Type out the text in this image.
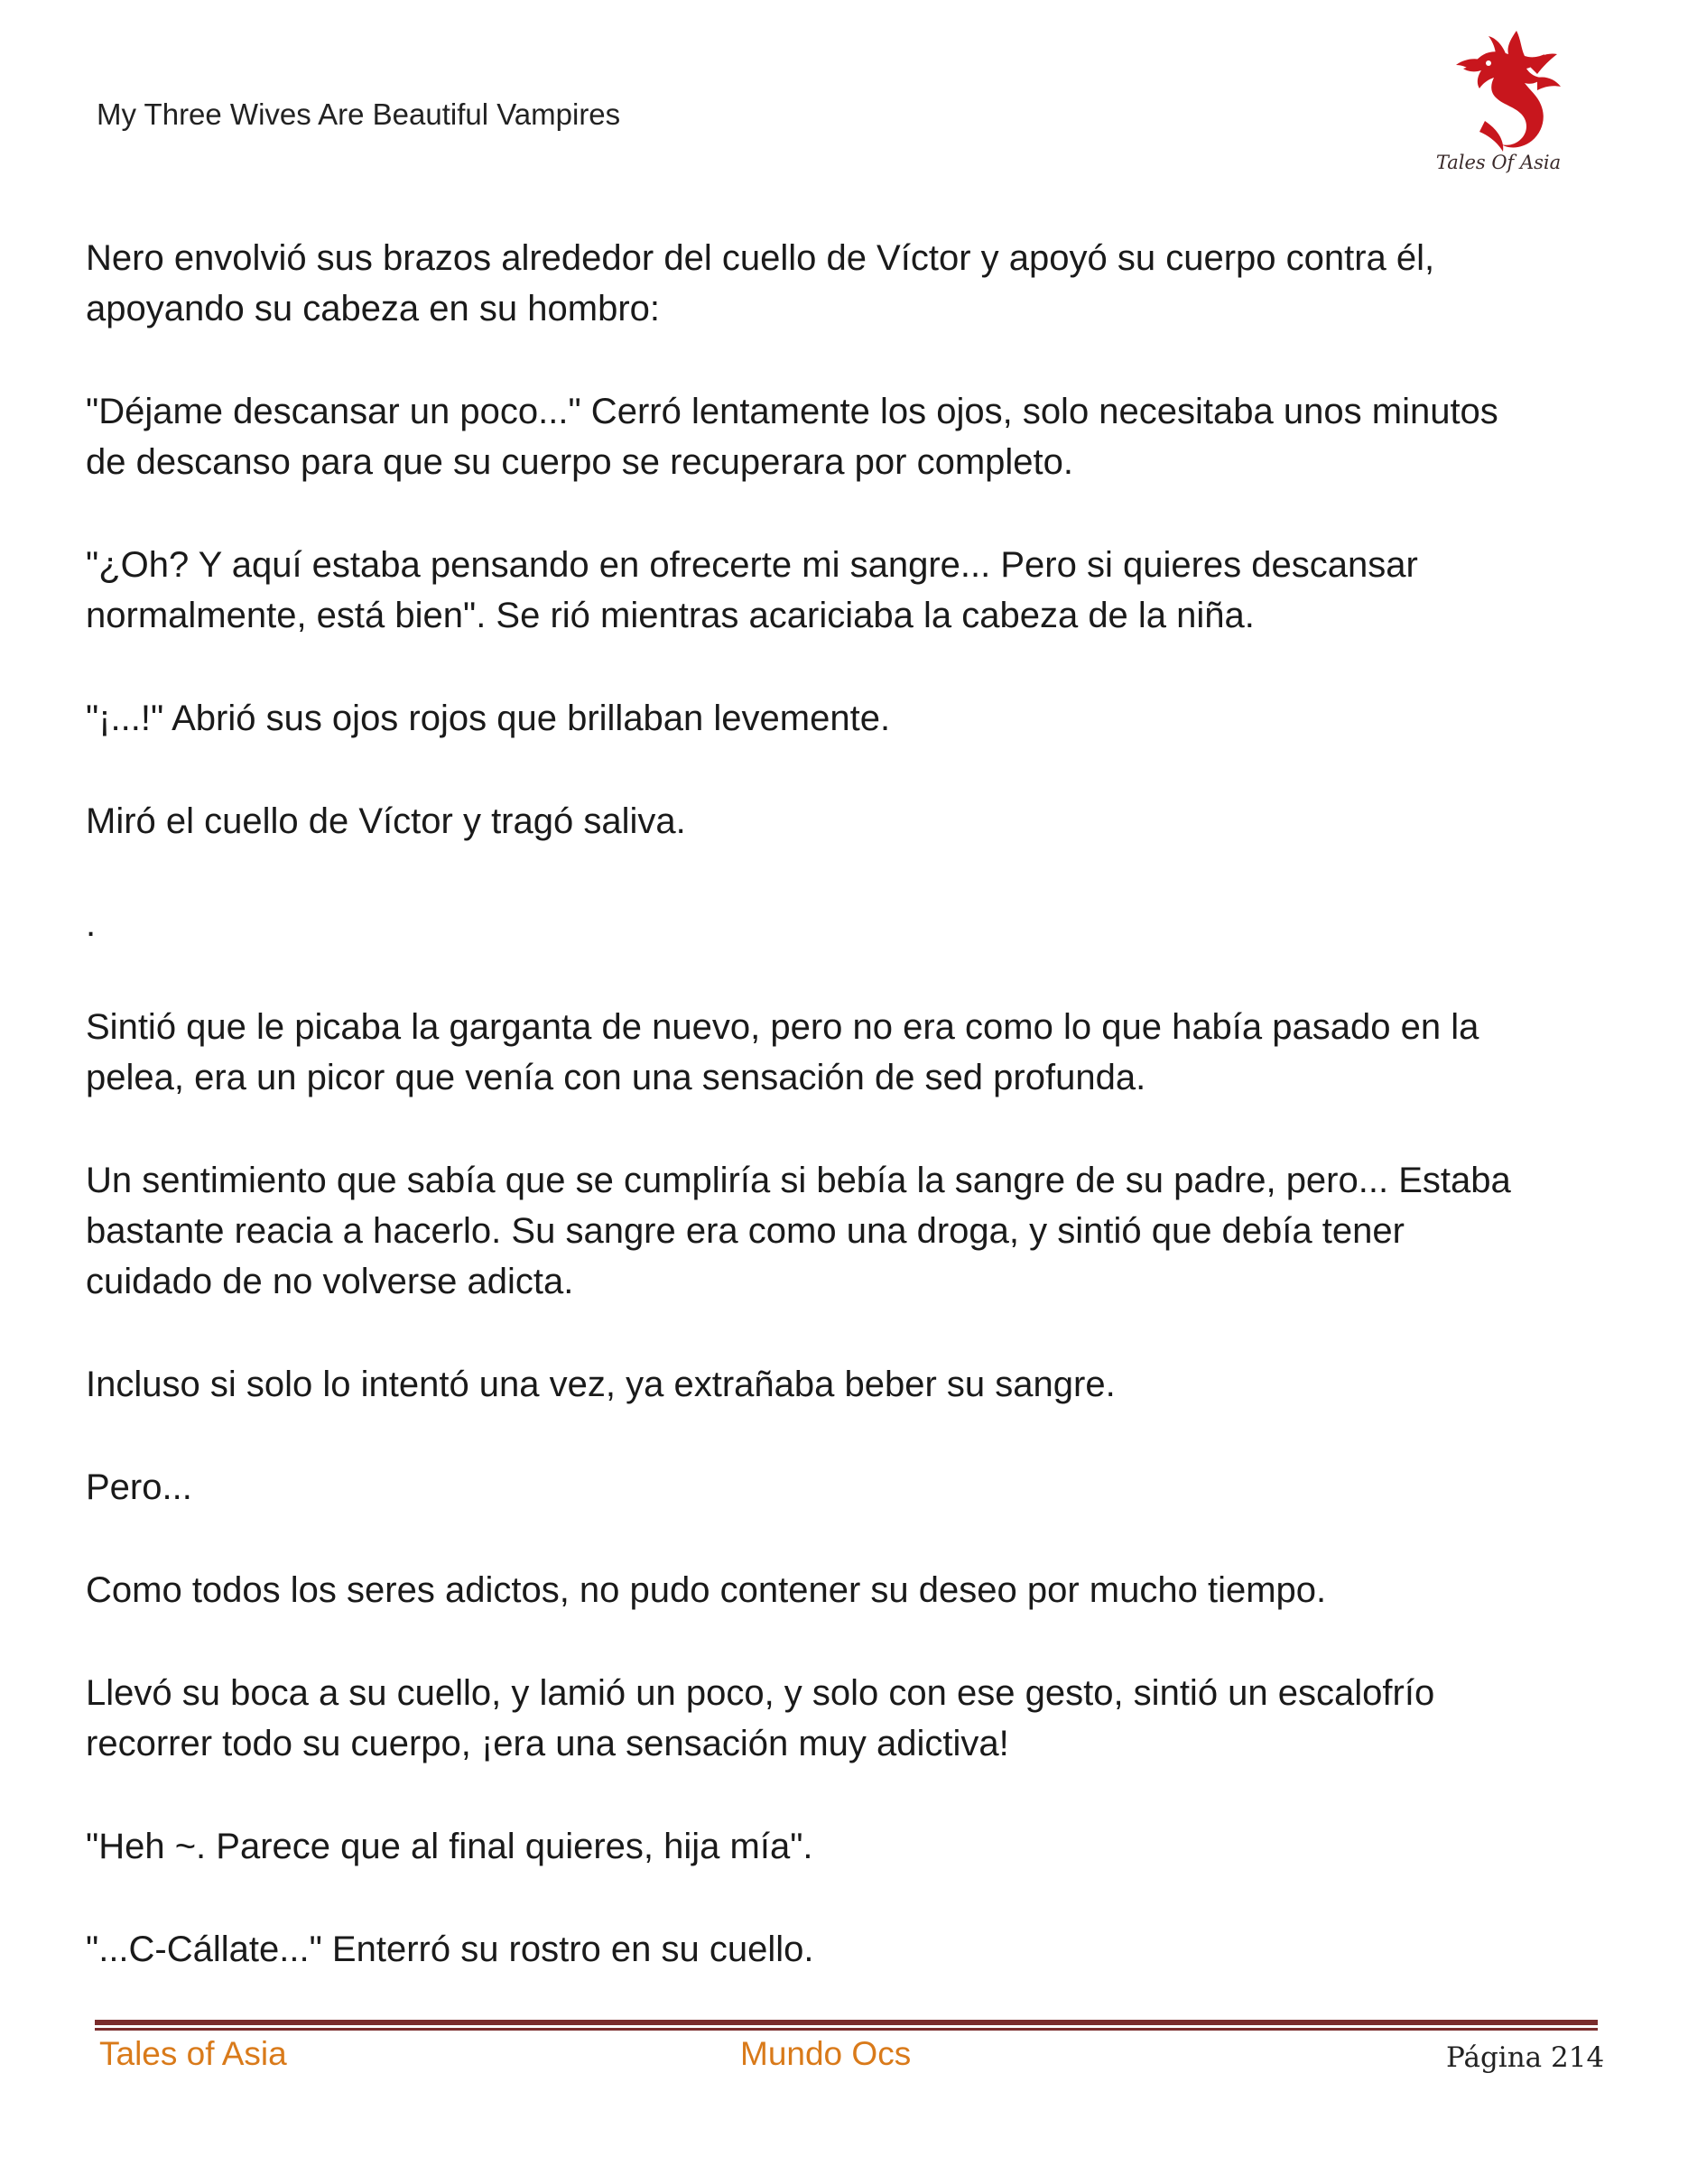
My Three Wives Are Beautiful Vampires
Tales Of Asia

Nero envolvió sus brazos alrededor del cuello de Víctor y apoyó su cuerpo contra él,
apoyando su cabeza en su hombro:

"Déjame descansar un poco..." Cerró lentamente los ojos, solo necesitaba unos minutos
de descanso para que su cuerpo se recuperara por completo.

"¿Oh? Y aquí estaba pensando en ofrecerte mi sangre... Pero si quieres descansar
normalmente, está bien". Se rió mientras acariciaba la cabeza de la niña.

"¡...!" Abrió sus ojos rojos que brillaban levemente.

Miró el cuello de Víctor y tragó saliva.

.

Sintió que le picaba la garganta de nuevo, pero no era como lo que había pasado en la
pelea, era un picor que venía con una sensación de sed profunda.

Un sentimiento que sabía que se cumpliría si bebía la sangre de su padre, pero... Estaba
bastante reacia a hacerlo. Su sangre era como una droga, y sintió que debía tener
cuidado de no volverse adicta.

Incluso si solo lo intentó una vez, ya extrañaba beber su sangre.

Pero...

Como todos los seres adictos, no pudo contener su deseo por mucho tiempo.

Llevó su boca a su cuello, y lamió un poco, y solo con ese gesto, sintió un escalofrío
recorrer todo su cuerpo, ¡era una sensación muy adictiva!

"Heh ~. Parece que al final quieres, hija mía".

"...C-Cállate..." Enterró su rostro en su cuello.

Tales of Asia	Mundo Ocs	Página 214
